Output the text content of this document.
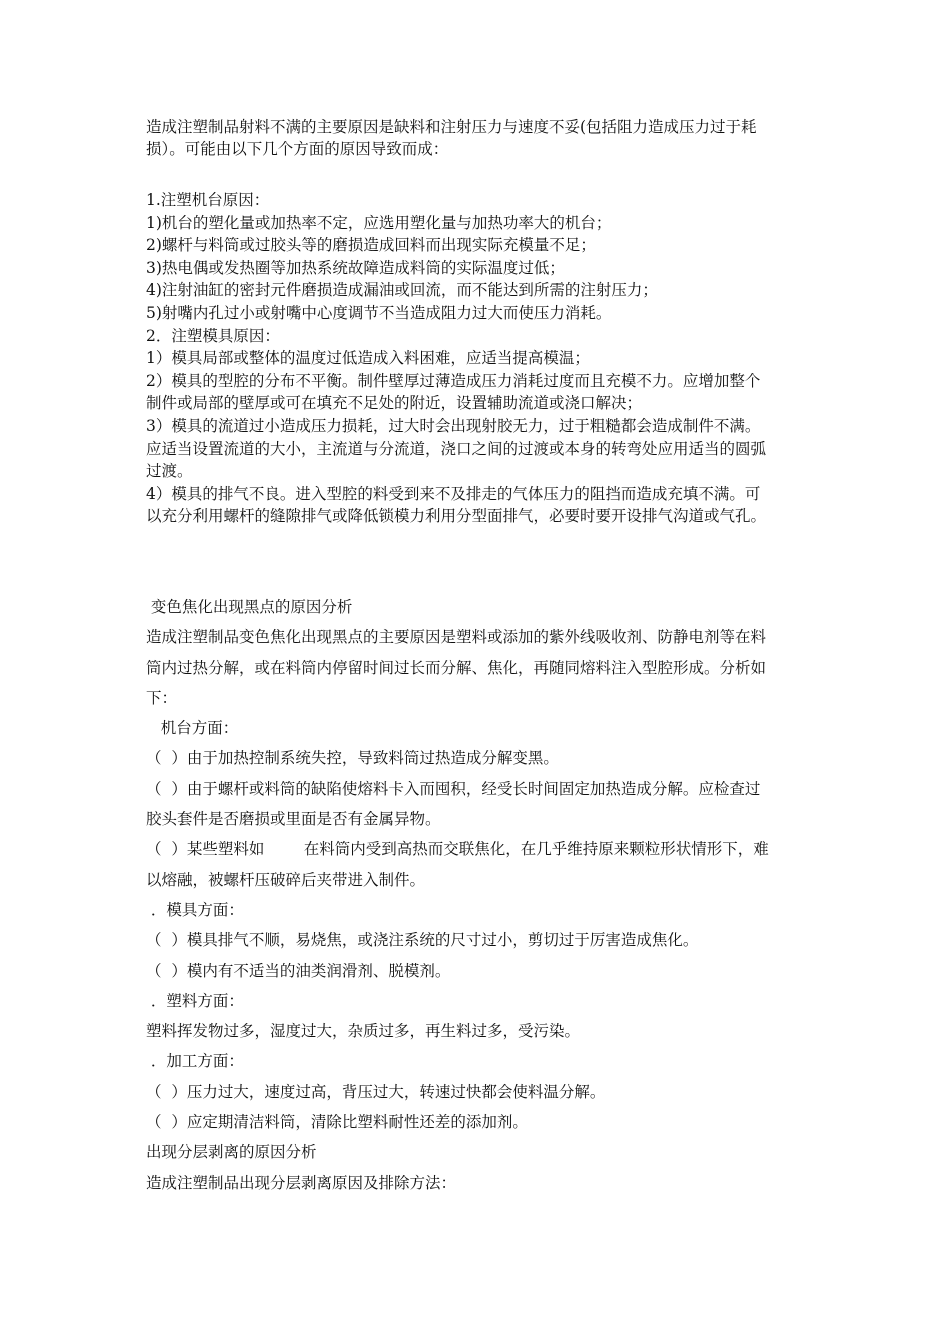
造成注塑制品射料不满的主要原因是缺料和注射压力与速度不妥(包括阻力造成压力过于耗
损）。可能由以下几个方面的原因导致而成：
1.注塑机台原因：
1)机台的塑化量或加热率不定，应选用塑化量与加热功率大的机台；
2)螺杆与料筒或过胶头等的磨损造成回料而出现实际充模量不足；
3)热电偶或发热圈等加热系统故障造成料筒的实际温度过低；
4)注射油缸的密封元件磨损造成漏油或回流，而不能达到所需的注射压力；
5)射嘴内孔过小或射嘴中心度调节不当造成阻力过大而使压力消耗。
2．注塑模具原因：
1）模具局部或整体的温度过低造成入料困难，应适当提高模温；
2）模具的型腔的分布不平衡。制件壁厚过薄造成压力消耗过度而且充模不力。应增加整个
制件或局部的壁厚或可在填充不足处的附近，设置辅助流道或浇口解决；
3）模具的流道过小造成压力损耗，过大时会出现射胶无力，过于粗糙都会造成制件不满。
应适当设置流道的大小，主流道与分流道，浇口之间的过渡或本身的转弯处应用适当的圆弧
过渡。
4）模具的排气不良。进入型腔的料受到来不及排走的气体压力的阻挡而造成充填不满。可
以充分利用螺杆的缝隙排气或降低锁模力利用分型面排气，必要时要开设排气沟道或气孔。
变色焦化出现黑点的原因分析
造成注塑制品变色焦化出现黑点的主要原因是塑料或添加的紫外线吸收剂、防静电剂等在料
筒内过热分解，或在料筒内停留时间过长而分解、焦化，再随同熔料注入型腔形成。分析如
下：
机台方面：
（  ）由于加热控制系统失控，导致料筒过热造成分解变黑。
（  ）由于螺杆或料筒的缺陷使熔料卡入而囤积，经受长时间固定加热造成分解。应检查过
胶头套件是否磨损或里面是否有金属异物。
（  ）某些塑料如        在料筒内受到高热而交联焦化，在几乎维持原来颗粒形状情形下，难
以熔融，被螺杆压破碎后夹带进入制件。
．模具方面：
（  ）模具排气不顺，易烧焦，或浇注系统的尺寸过小，剪切过于厉害造成焦化。
（  ）模内有不适当的油类润滑剂、脱模剂。
．塑料方面：
塑料挥发物过多，湿度过大，杂质过多，再生料过多，受污染。
．加工方面：
（  ）压力过大，速度过高，背压过大，转速过快都会使料温分解。
（  ）应定期清洁料筒，清除比塑料耐性还差的添加剂。
出现分层剥离的原因分析
造成注塑制品出现分层剥离原因及排除方法：
